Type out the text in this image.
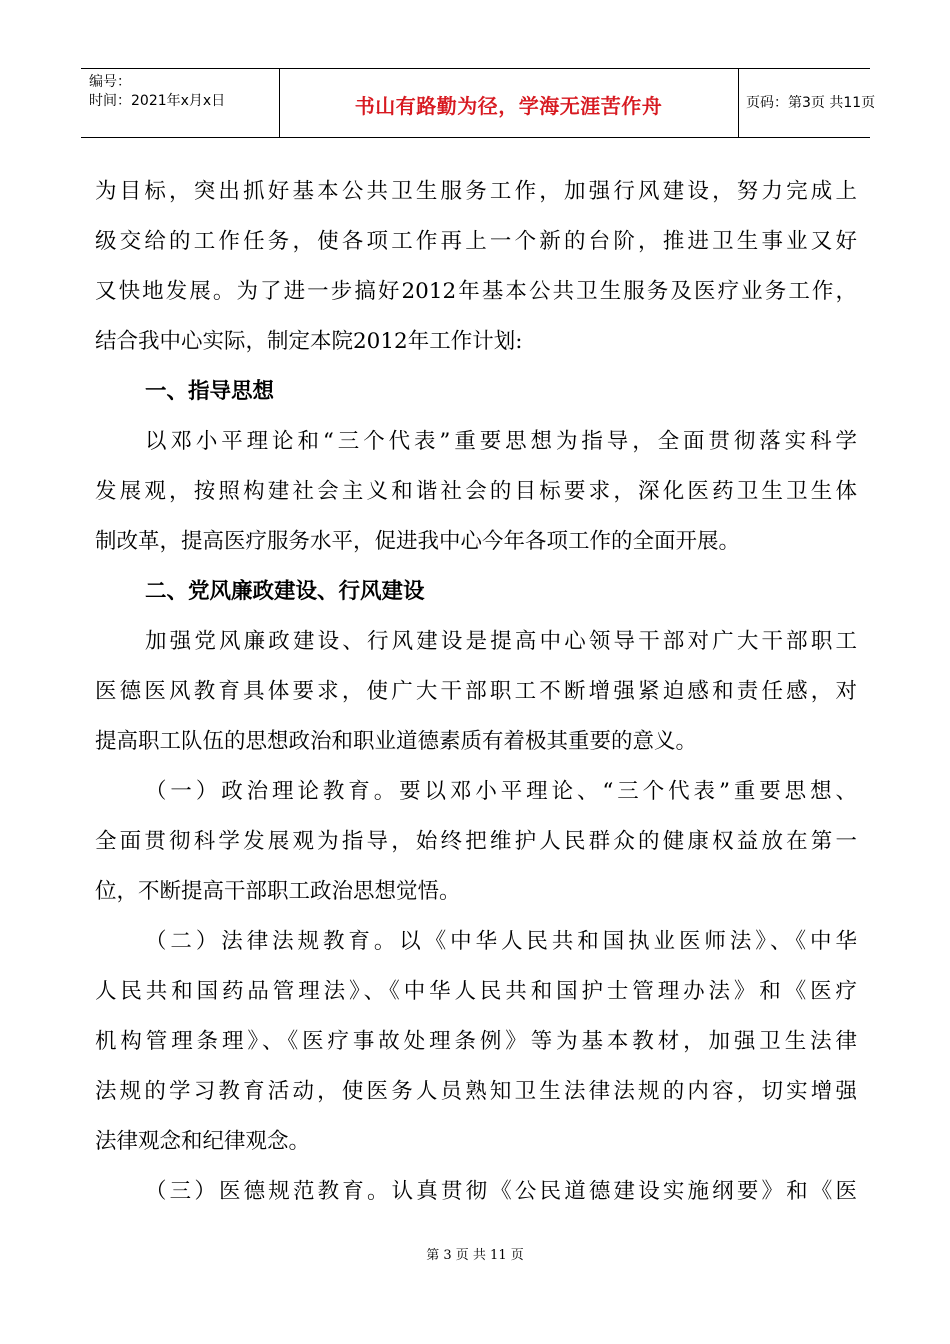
编号：
时间：2021年x月x日	书山有路勤为径，学海无涯苦作舟	页码：第3页 共11页
为目标，突出抓好基本公共卫生服务工作，加强行风建设，努力完成上
级交给的工作任务，使各项工作再上一个新的台阶，推进卫生事业又好
又快地发展。为了进一步搞好2012年基本公共卫生服务及医疗业务工作，
结合我中心实际，制定本院2012年工作计划:
一、指导思想
以邓小平理论和“三个代表”重要思想为指导，全面贯彻落实科学
发展观，按照构建社会主义和谐社会的目标要求，深化医药卫生卫生体
制改革，提高医疗服务水平，促进我中心今年各项工作的全面开展。
二、党风廉政建设、行风建设
加强党风廉政建设、行风建设是提高中心领导干部对广大干部职工
医德医风教育具体要求，使广大干部职工不断增强紧迫感和责任感，对
提高职工队伍的思想政治和职业道德素质有着极其重要的意义。
（一）政治理论教育。要以邓小平理论、“三个代表”重要思想、
全面贯彻科学发展观为指导，始终把维护人民群众的健康权益放在第一
位，不断提高干部职工政治思想觉悟。
（二）法律法规教育。以《中华人民共和国执业医师法》、《中华
人民共和国药品管理法》、《中华人民共和国护士管理办法》和《医疗
机构管理条理》、《医疗事故处理条例》等为基本教材，加强卫生法律
法规的学习教育活动，使医务人员熟知卫生法律法规的内容，切实增强
法律观念和纪律观念。
（三）医德规范教育。认真贯彻《公民道德建设实施纲要》和《医
第 3 页 共 11 页
